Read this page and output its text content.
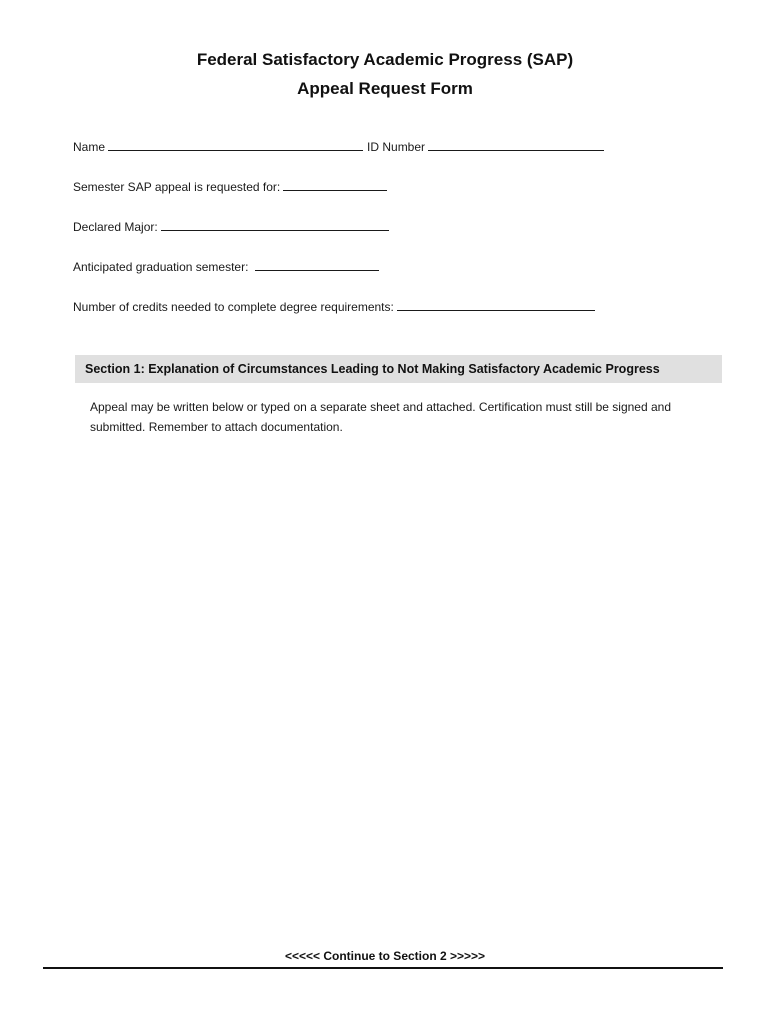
Federal Satisfactory Academic Progress (SAP)
Appeal Request Form
Name	ID Number
Semester SAP appeal is requested for:
Declared Major:
Anticipated graduation semester:
Number of credits needed to complete degree requirements:
Section 1: Explanation of Circumstances Leading to Not Making Satisfactory Academic Progress
Appeal may be written below or typed on a separate sheet and attached. Certification must still be signed and submitted. Remember to attach documentation.
<<<<< Continue to Section 2 >>>>>
